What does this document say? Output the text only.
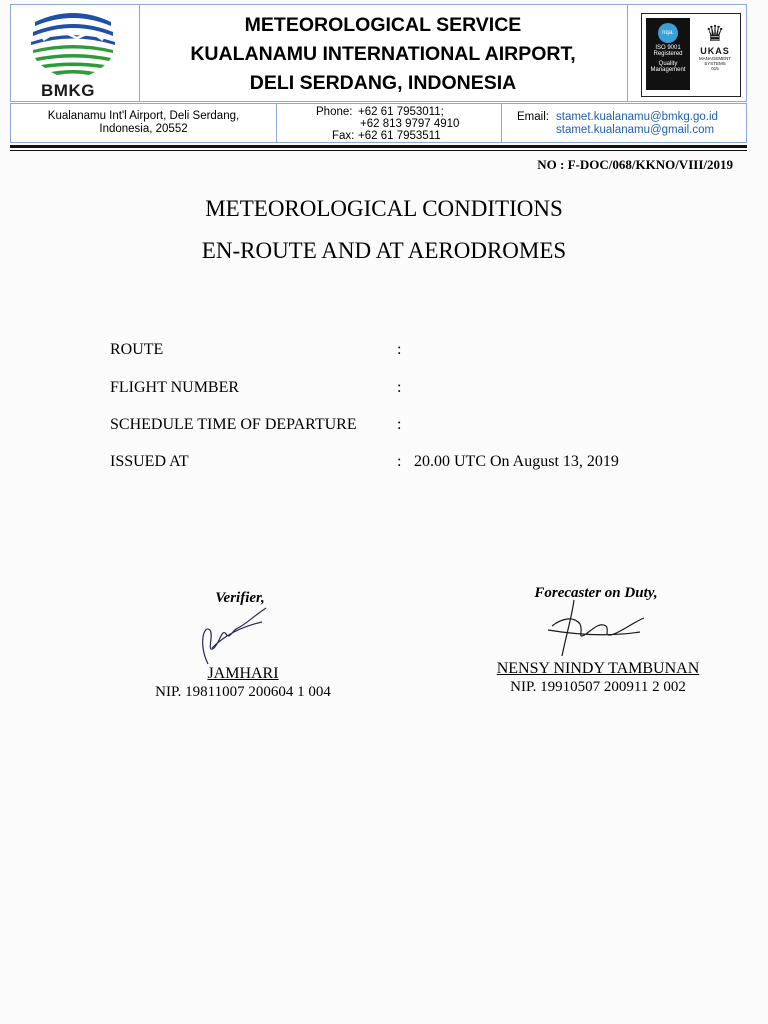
BMKG
METEOROLOGICAL SERVICE
KUALANAMU INTERNATIONAL AIRPORT,
DELI SERDANG, INDONESIA
nqa.
ISO 9001
Registered
Quality Management
♛
UKAS
MANAGEMENT SYSTEMS
015
Kualanamu Int'l Airport, Deli Serdang,
Indonesia, 20552
Phone: +62 61 7953011;
+62 813 9797 4910
Fax: +62 61 7953511
Email: stamet.kualanamu@bmkg.go.id
stamet.kualanamu@gmail.com
NO : F-DOC/068/KKNO/VIII/2019
METEOROLOGICAL CONDITIONS
EN-ROUTE AND AT AERODROMES
ROUTE	:
FLIGHT NUMBER	:
SCHEDULE TIME OF DEPARTURE	:
ISSUED AT	: 20.00 UTC On August 13, 2019
Verifier,
JAMHARI
NIP. 19811007 200604 1 004
Forecaster on Duty,
NENSY NINDY TAMBUNAN
NIP. 19910507 200911 2 002
